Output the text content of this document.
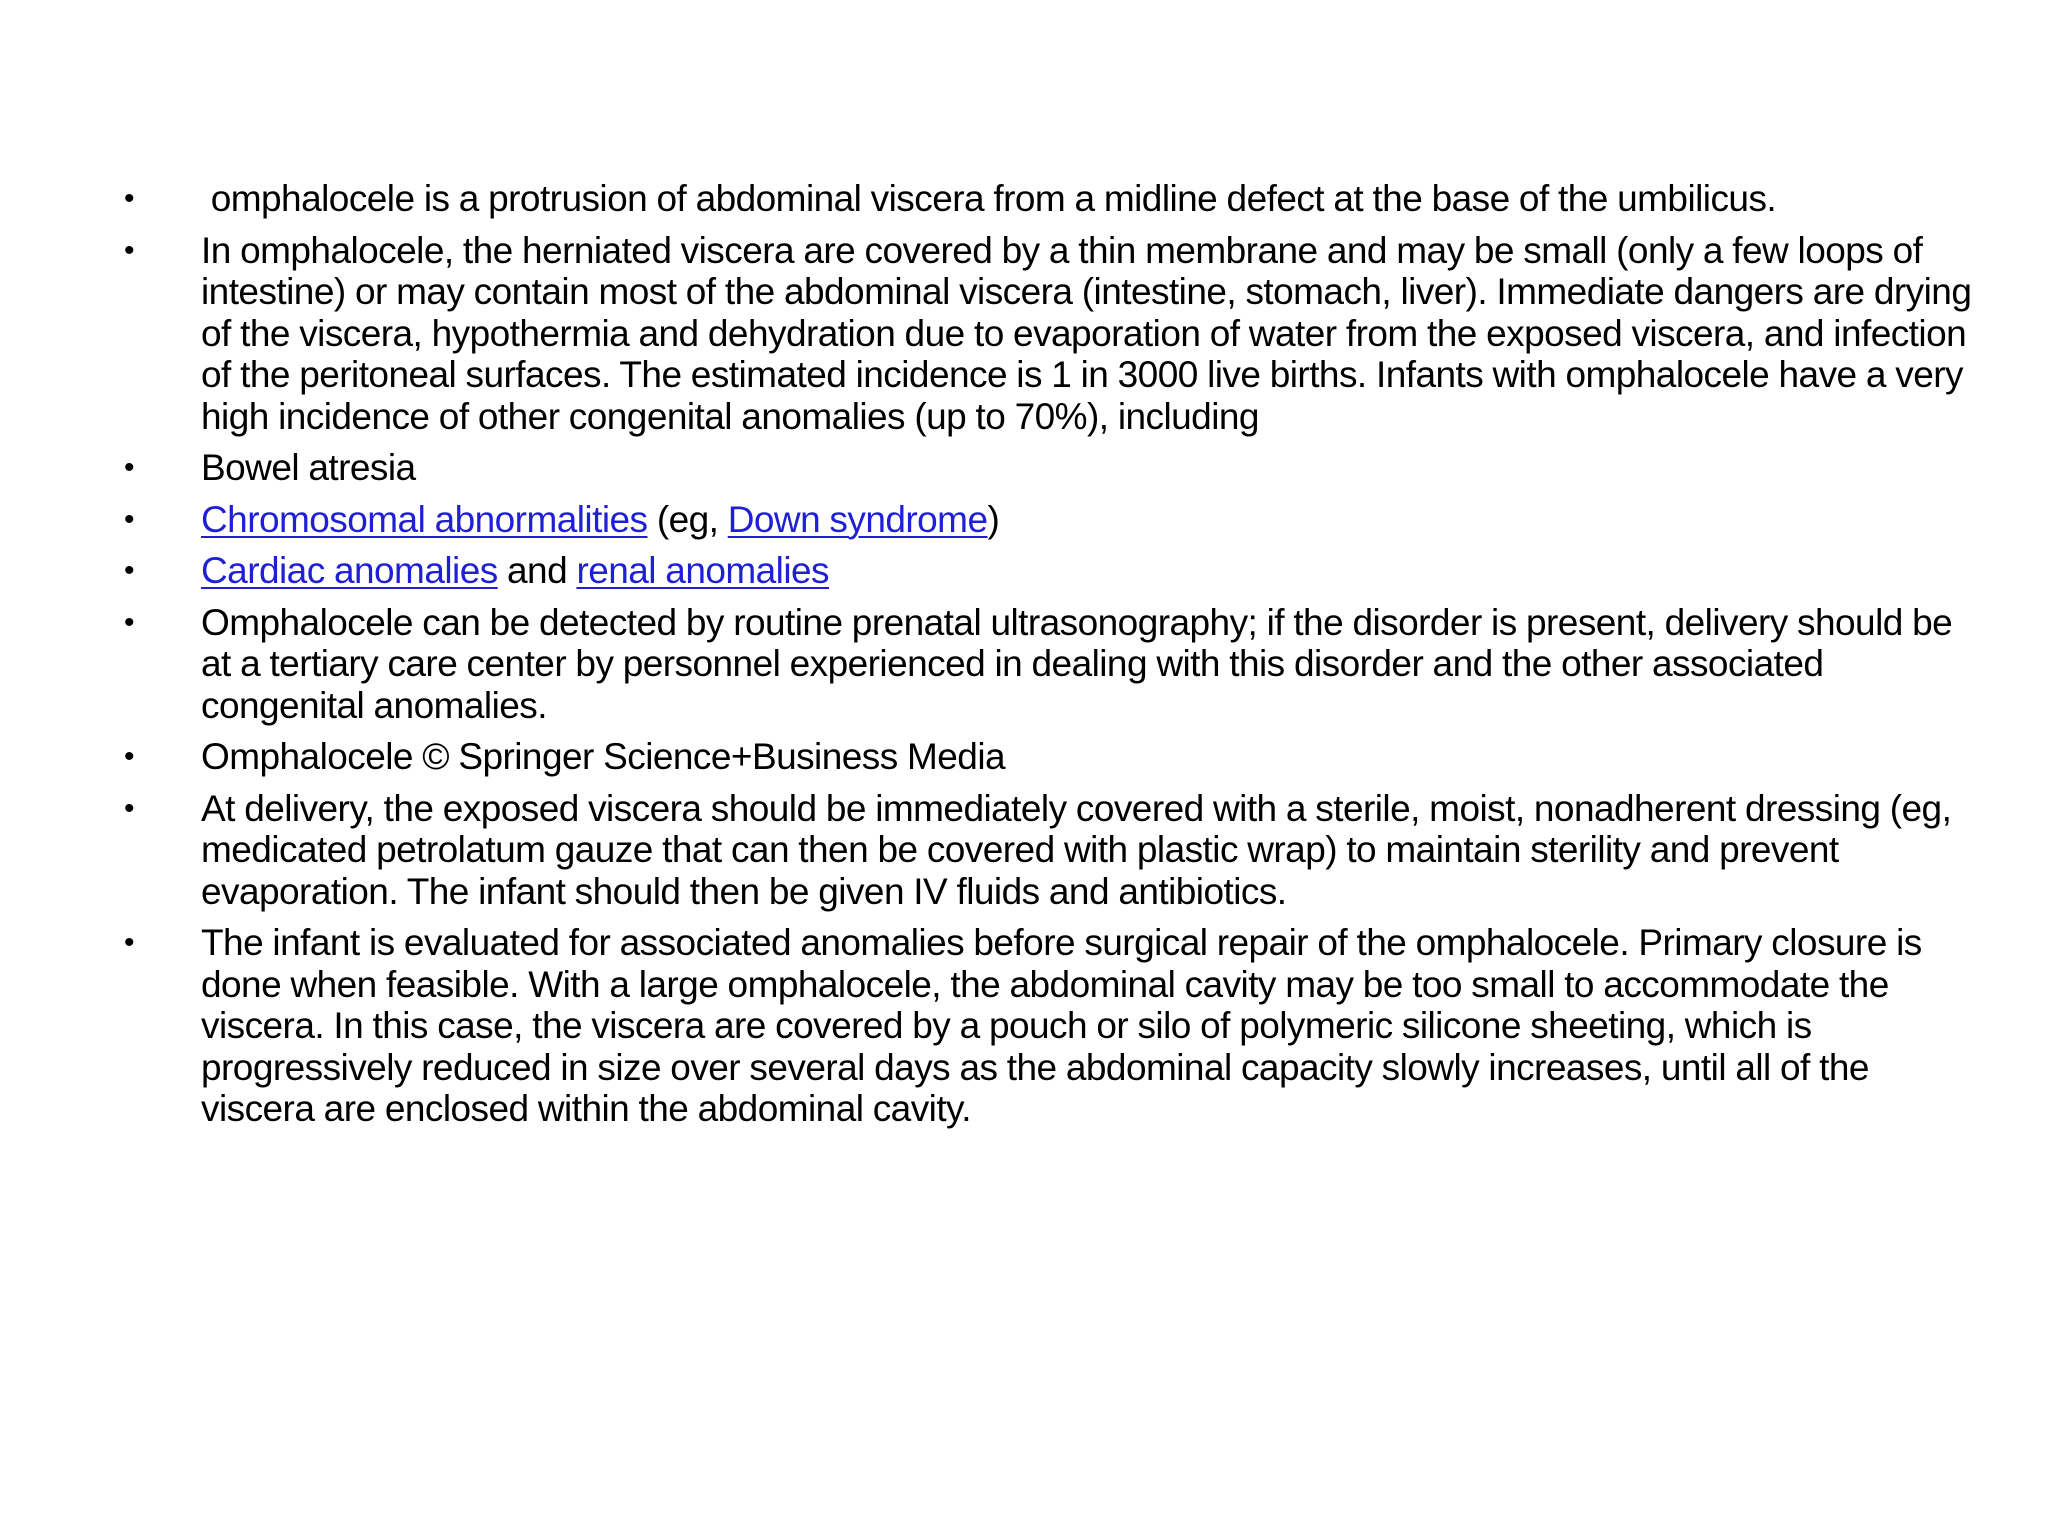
• omphalocele is a protrusion of abdominal viscera from a midline defect at the base of the umbilicus.
• In omphalocele, the herniated viscera are covered by a thin membrane and may be small (only a few loops of intestine) or may contain most of the abdominal viscera (intestine, stomach, liver). Immediate dangers are drying of the viscera, hypothermia and dehydration due to evaporation of water from the exposed viscera, and infection of the peritoneal surfaces. The estimated incidence is 1 in 3000 live births. Infants with omphalocele have a very high incidence of other congenital anomalies (up to 70%), including
• Bowel atresia
• Chromosomal abnormalities (eg, Down syndrome)
• Cardiac anomalies and renal anomalies
• Omphalocele can be detected by routine prenatal ultrasonography; if the disorder is present, delivery should be at a tertiary care center by personnel experienced in dealing with this disorder and the other associated congenital anomalies.
• Omphalocele © Springer Science+Business Media
• At delivery, the exposed viscera should be immediately covered with a sterile, moist, nonadherent dressing (eg, medicated petrolatum gauze that can then be covered with plastic wrap) to maintain sterility and prevent evaporation. The infant should then be given IV fluids and antibiotics.
• The infant is evaluated for associated anomalies before surgical repair of the omphalocele. Primary closure is done when feasible. With a large omphalocele, the abdominal cavity may be too small to accommodate the viscera. In this case, the viscera are covered by a pouch or silo of polymeric silicone sheeting, which is progressively reduced in size over several days as the abdominal capacity slowly increases, until all of the viscera are enclosed within the abdominal cavity.
